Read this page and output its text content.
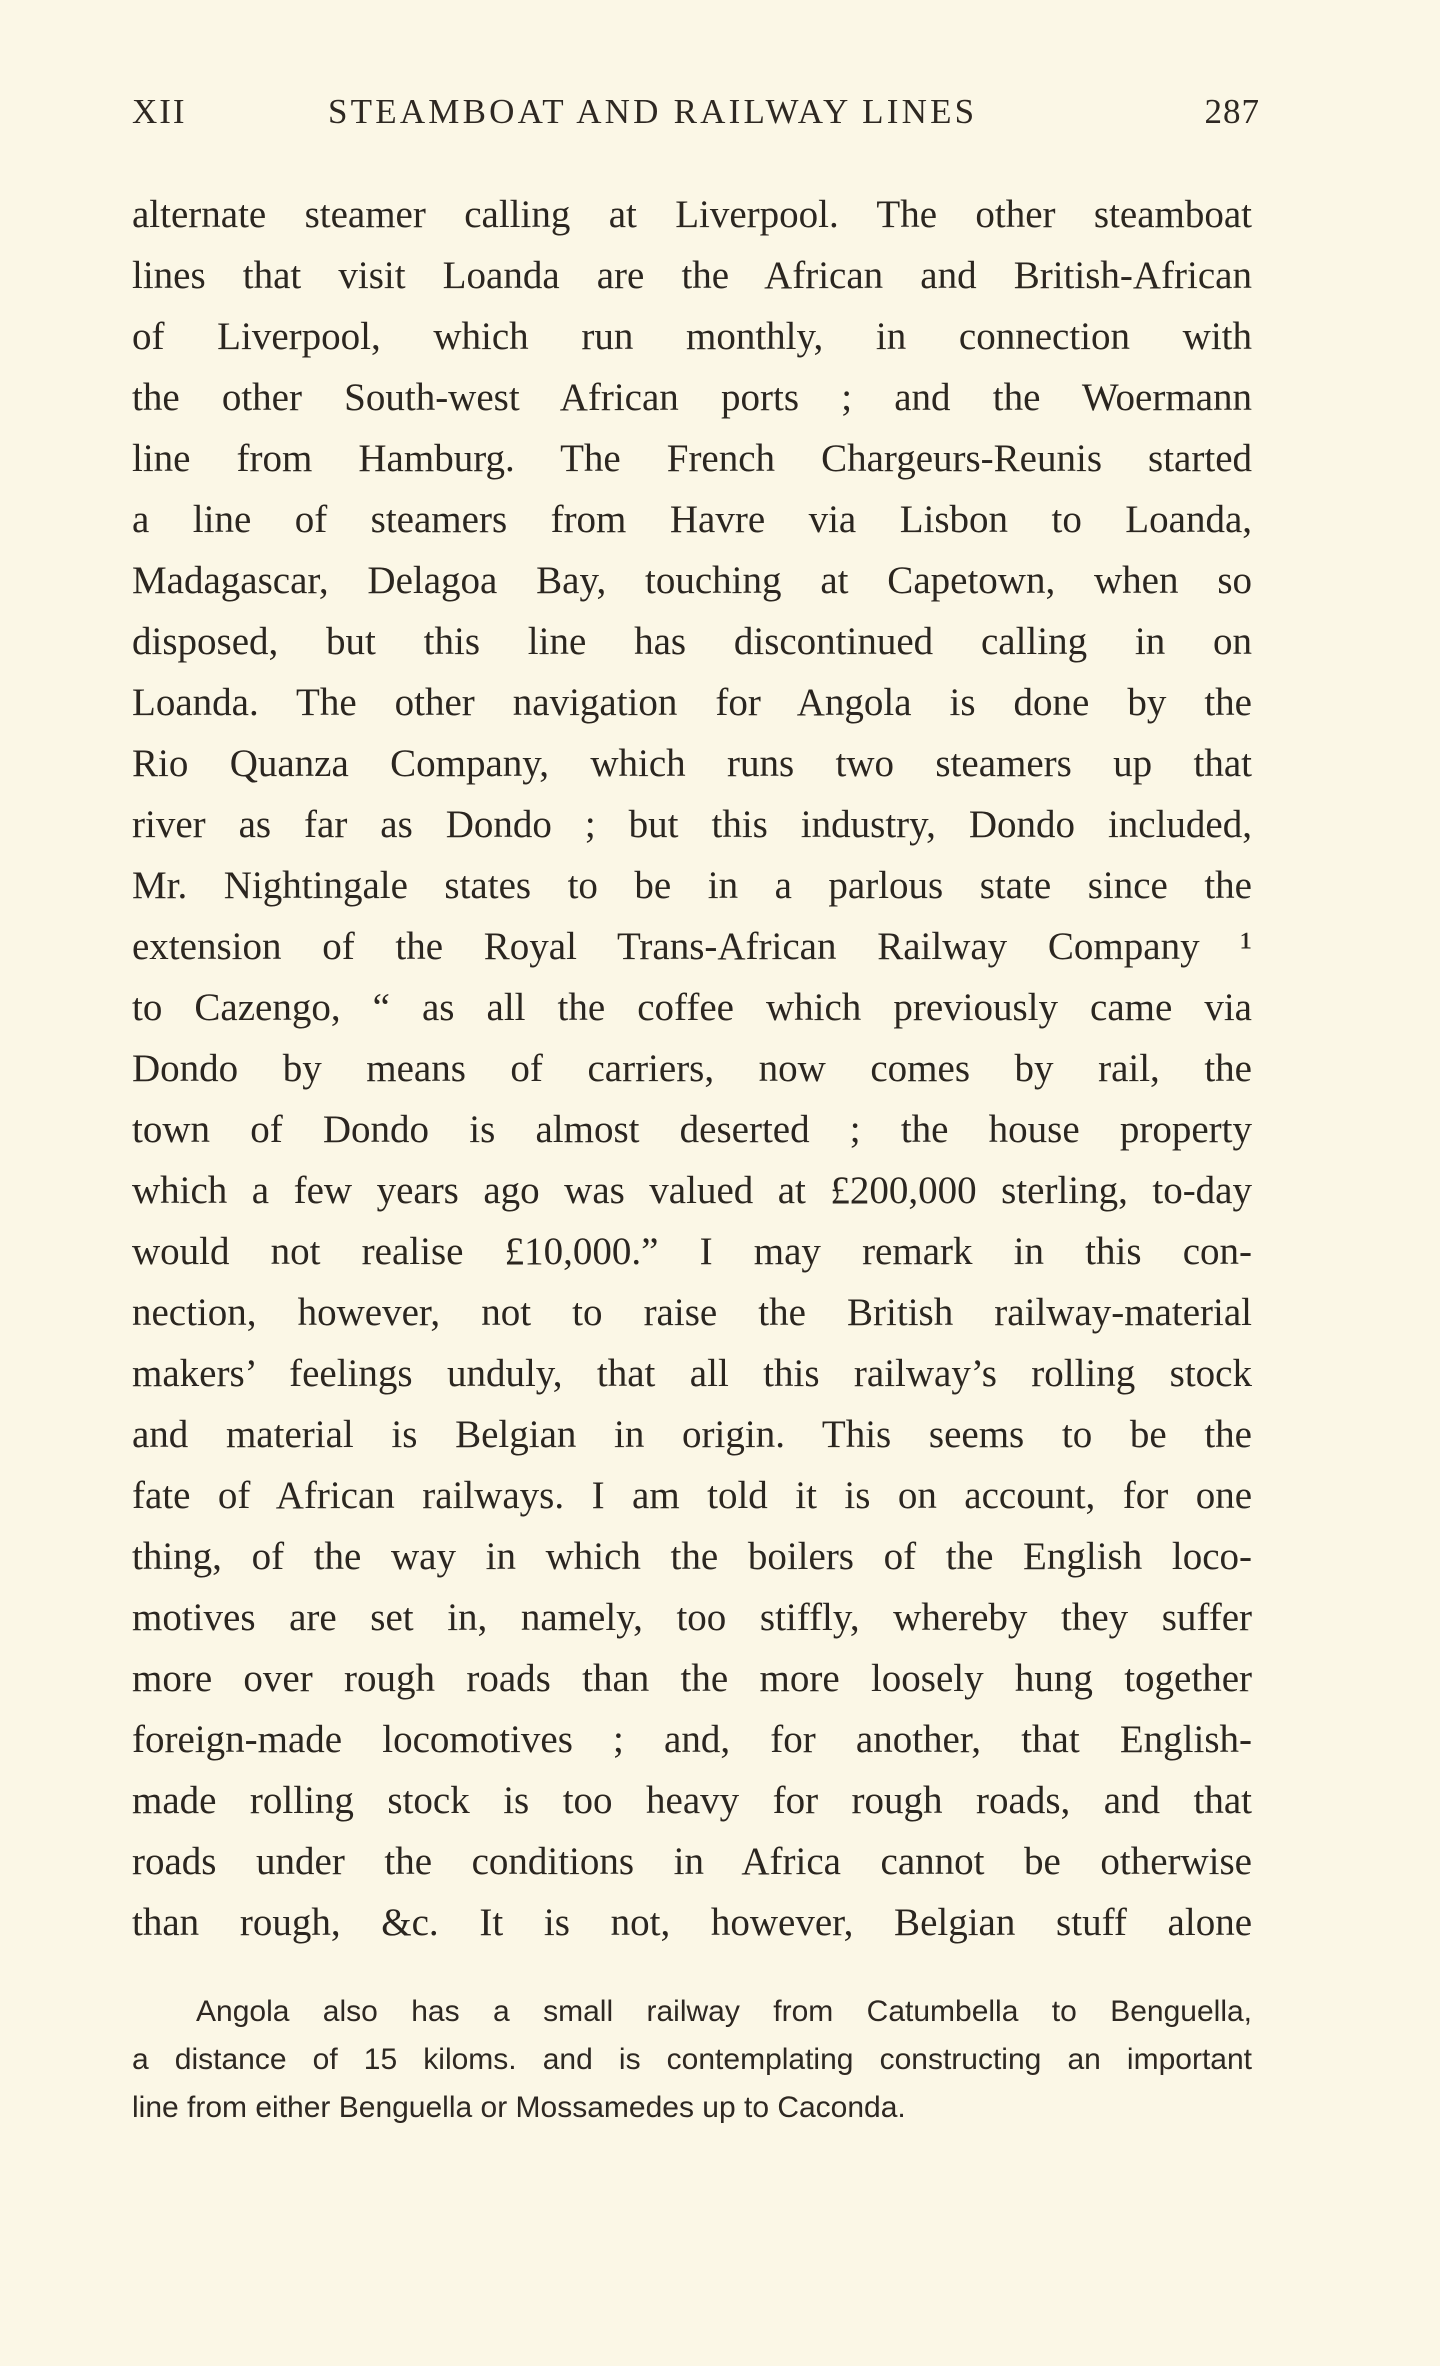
XII	STEAMBOAT AND RAILWAY LINES	287
alternate steamer calling at Liverpool. The other steamboat
lines that visit Loanda are the African and British-African
of Liverpool, which run monthly, in connection with
the other South-west African ports ; and the Woermann
line from Hamburg. The French Chargeurs-Reunis started
a line of steamers from Havre via Lisbon to Loanda,
Madagascar, Delagoa Bay, touching at Capetown, when so
disposed, but this line has discontinued calling in on
Loanda. The other navigation for Angola is done by the
Rio Quanza Company, which runs two steamers up that
river as far as Dondo ; but this industry, Dondo included,
Mr. Nightingale states to be in a parlous state since the
extension of the Royal Trans-African Railway Company ¹
to Cazengo, “ as all the coffee which previously came via
Dondo by means of carriers, now comes by rail, the
town of Dondo is almost deserted ; the house property
which a few years ago was valued at £200,000 sterling, to-day
would not realise £10,000.” I may remark in this con-
nection, however, not to raise the British railway-material
makers’ feelings unduly, that all this railway’s rolling stock
and material is Belgian in origin. This seems to be the
fate of African railways. I am told it is on account, for one
thing, of the way in which the boilers of the English loco-
motives are set in, namely, too stiffly, whereby they suffer
more over rough roads than the more loosely hung together
foreign-made locomotives ; and, for another, that English-
made rolling stock is too heavy for rough roads, and that
roads under the conditions in Africa cannot be otherwise
than rough, &c. It is not, however, Belgian stuff alone
Angola also has a small railway from Catumbella to Benguella,
a distance of 15 kiloms. and is contemplating constructing an important
line from either Benguella or Mossamedes up to Caconda.
